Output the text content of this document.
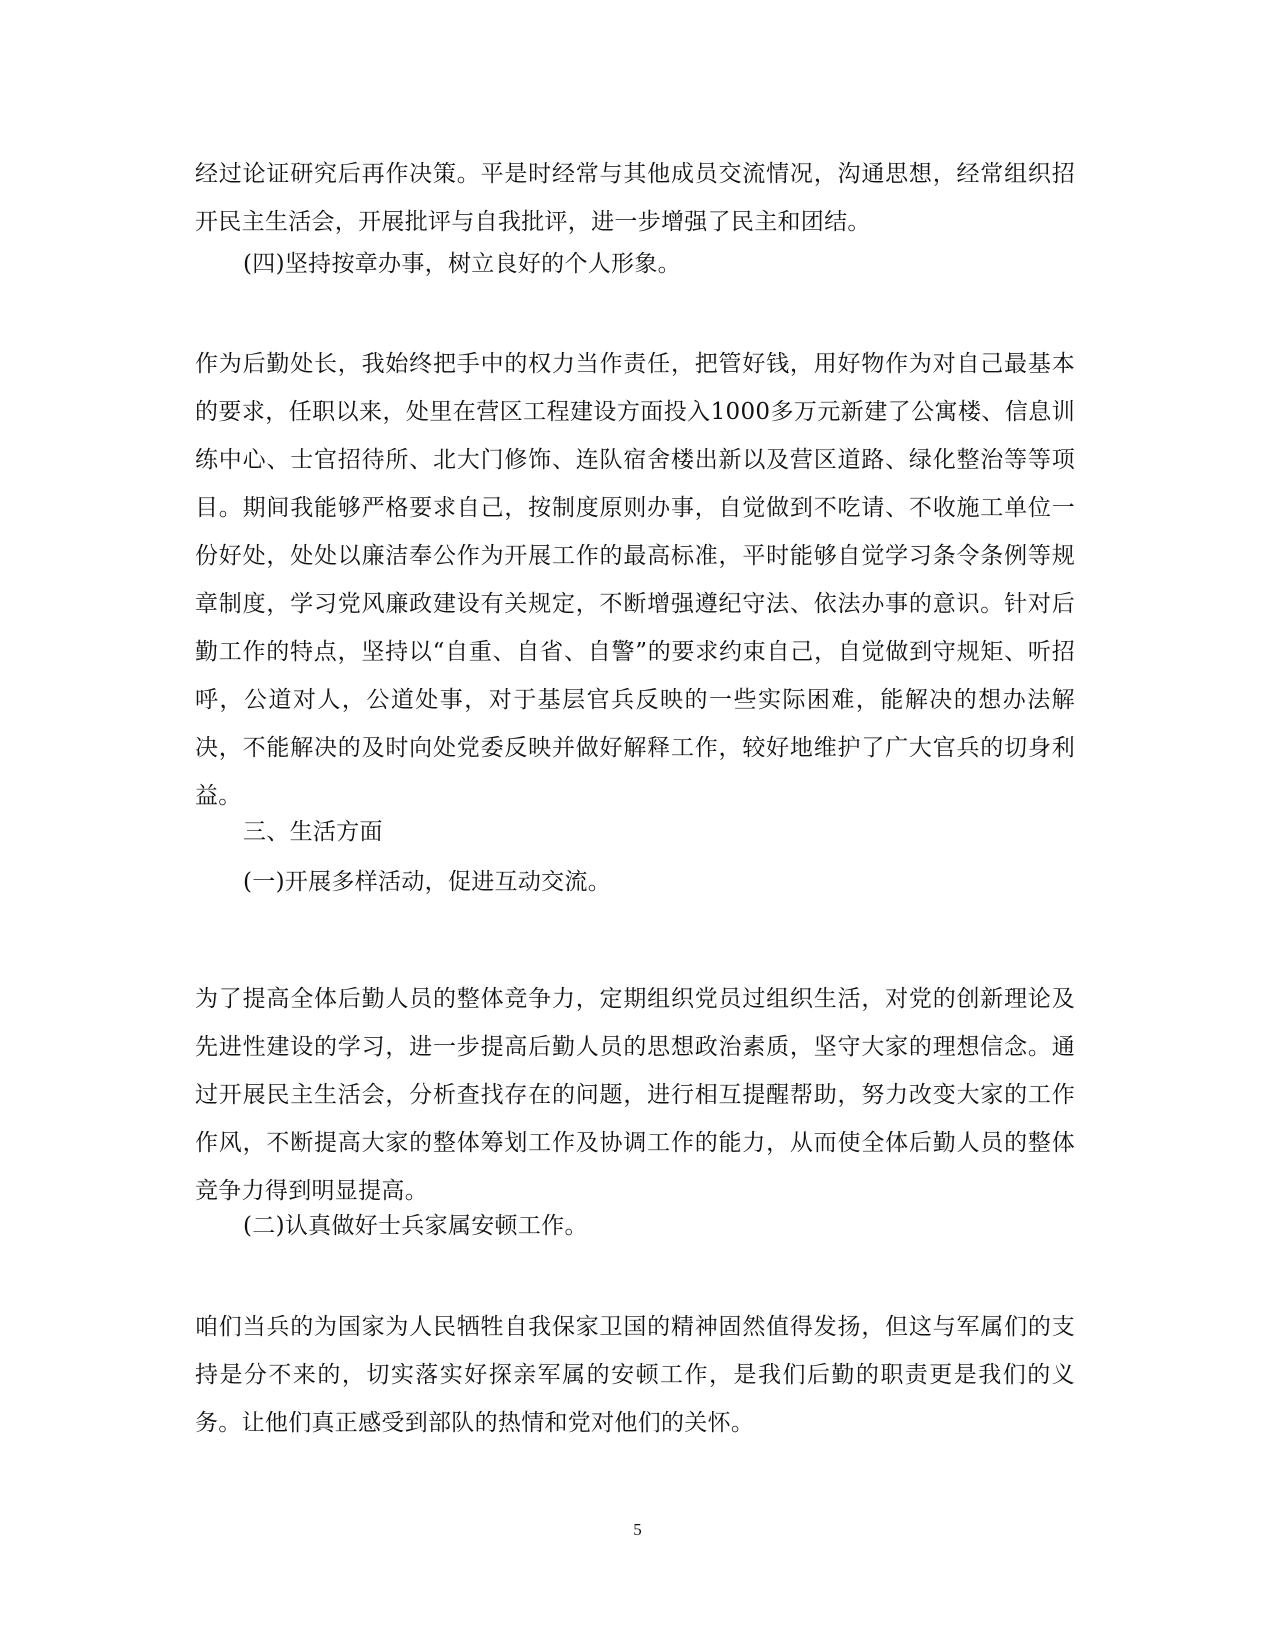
经过论证研究后再作决策。平是时经常与其他成员交流情况，沟通思想，经常组织招开民主生活会，开展批评与自我批评，进一步增强了民主和团结。
(四)坚持按章办事，树立良好的个人形象。
作为后勤处长，我始终把手中的权力当作责任，把管好钱，用好物作为对自己最基本的要求，任职以来，处里在营区工程建设方面投入1000多万元新建了公寓楼、信息训练中心、士官招待所、北大门修饰、连队宿舍楼出新以及营区道路、绿化整治等等项目。期间我能够严格要求自己，按制度原则办事，自觉做到不吃请、不收施工单位一份好处，处处以廉洁奉公作为开展工作的最高标准，平时能够自觉学习条令条例等规章制度，学习党风廉政建设有关规定，不断增强遵纪守法、依法办事的意识。针对后勤工作的特点，坚持以“自重、自省、自警”的要求约束自己，自觉做到守规矩、听招呼，公道对人，公道处事，对于基层官兵反映的一些实际困难，能解决的想办法解决，不能解决的及时向处党委反映并做好解释工作，较好地维护了广大官兵的切身利益。
三、生活方面
(一)开展多样活动，促进互动交流。
为了提高全体后勤人员的整体竞争力，定期组织党员过组织生活，对党的创新理论及先进性建设的学习，进一步提高后勤人员的思想政治素质，坚守大家的理想信念。通过开展民主生活会，分析查找存在的问题，进行相互提醒帮助，努力改变大家的工作作风，不断提高大家的整体筹划工作及协调工作的能力，从而使全体后勤人员的整体竞争力得到明显提高。
(二)认真做好士兵家属安顿工作。
咱们当兵的为国家为人民牺牲自我保家卫国的精神固然值得发扬，但这与军属们的支持是分不来的，切实落实好探亲军属的安顿工作，是我们后勤的职责更是我们的义务。让他们真正感受到部队的热情和党对他们的关怀。
5
